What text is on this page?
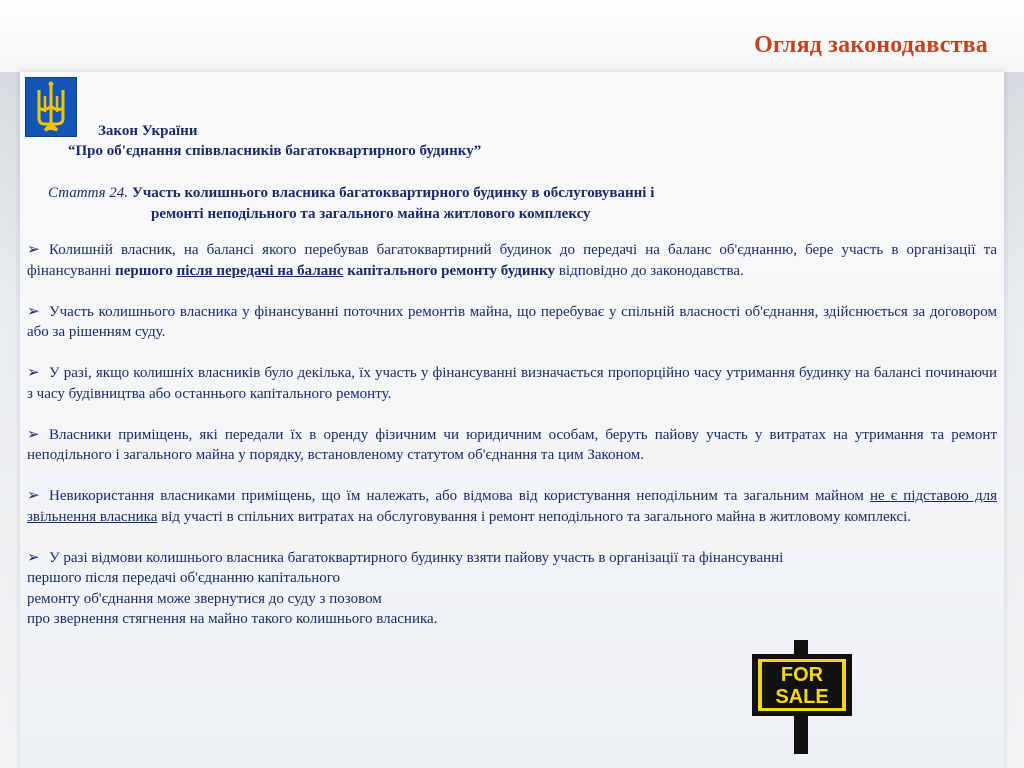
Огляд законодавства
Закон України
“Про об'єднання співвласників багатоквартирного будинку”
Стаття 24. Участь колишнього власника багатоквартирного будинку в обслуговуванні і
ремонті неподільного та загального майна житлового комплексу

➢ Колишній власник, на балансі якого перебував багатоквартирний будинок до передачі на баланс об'єднанню, бере участь в організації та фінансуванні першого після передачі на баланс капітального ремонту будинку відповідно до законодавства.

➢ Участь колишнього власника у фінансуванні поточних ремонтів майна, що перебуває у спільній власності об'єднання, здійснюється за договором або за рішенням суду.

➢ У разі, якщо колишніх власників було декілька, їх участь у фінансуванні визначається пропорційно часу утримання будинку на балансі починаючи з часу будівництва або останнього капітального ремонту.

➢ Власники приміщень, які передали їх в оренду фізичним чи юридичним особам, беруть пайову участь у витратах на утримання та ремонт неподільного і загального майна у порядку, встановленому статутом об'єднання та цим Законом.

➢ Невикористання власниками приміщень, що їм належать, або відмова від користування неподільним та загальним майном не є підставою для звільнення власника від участі в спільних витратах на обслуговування і ремонт неподільного та загального майна в житловому комплексі.

➢ У разі відмови колишнього власника багатоквартирного будинку взяти пайову участь в організації та фінансуванні
першого після передачі об'єднанню капітального
ремонту об'єднання може звернутися до суду з позовом
про звернення стягнення на майно такого колишнього власника.
FOR
SALE
